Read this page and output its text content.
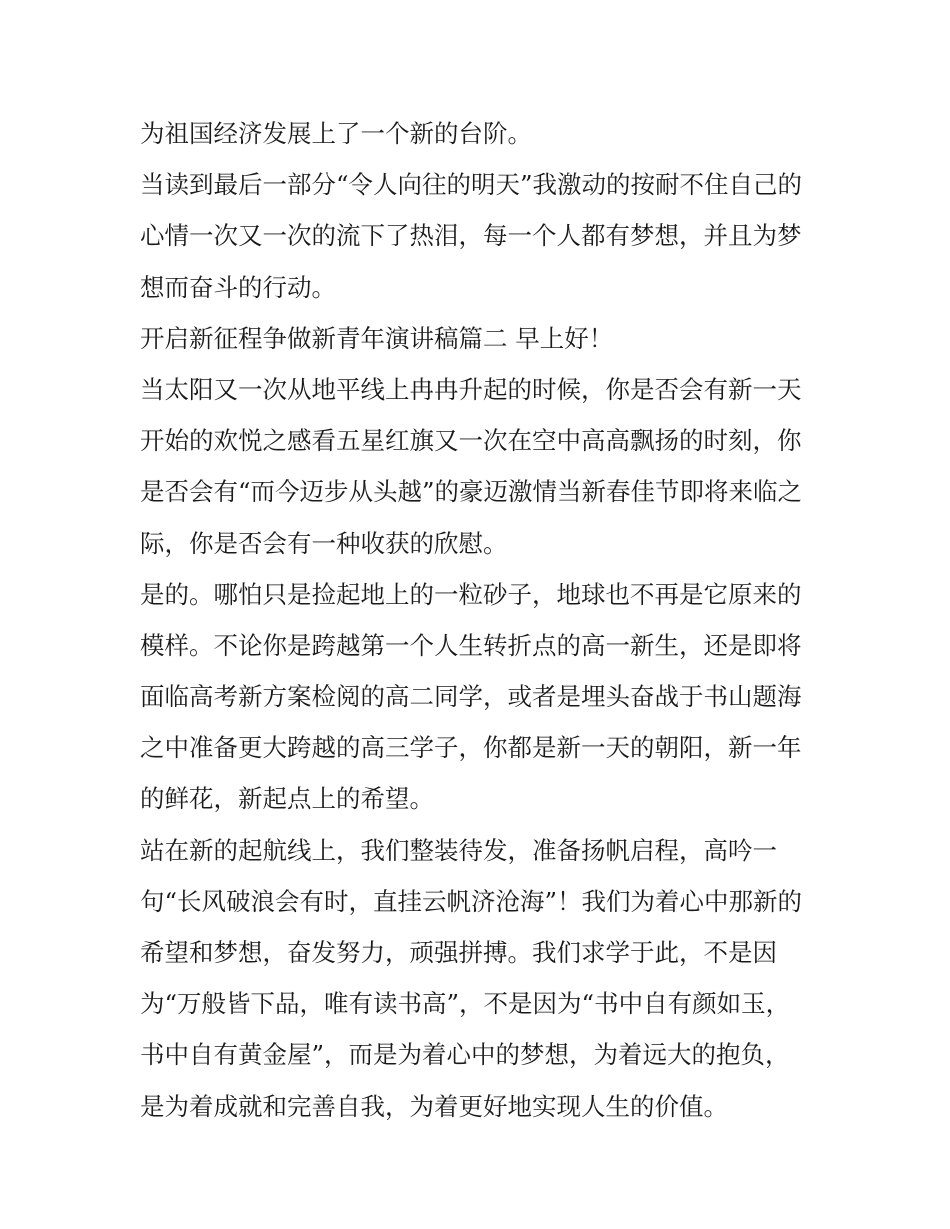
为祖国经济发展上了一个新的台阶。
当读到最后一部分“令人向往的明天”我激动的按耐不住自己的
心情一次又一次的流下了热泪，每一个人都有梦想，并且为梦
想而奋斗的行动。
开启新征程争做新青年演讲稿篇二 早上好！
当太阳又一次从地平线上冉冉升起的时候，你是否会有新一天
开始的欢悦之感看五星红旗又一次在空中高高飘扬的时刻，你
是否会有“而今迈步从头越”的豪迈激情当新春佳节即将来临之
际，你是否会有一种收获的欣慰。
是的。哪怕只是捡起地上的一粒砂子，地球也不再是它原来的
模样。不论你是跨越第一个人生转折点的高一新生，还是即将
面临高考新方案检阅的高二同学，或者是埋头奋战于书山题海
之中准备更大跨越的高三学子，你都是新一天的朝阳，新一年
的鲜花，新起点上的希望。
站在新的起航线上，我们整装待发，准备扬帆启程，高吟一
句“长风破浪会有时，直挂云帆济沧海”！我们为着心中那新的
希望和梦想，奋发努力，顽强拼搏。我们求学于此，不是因
为“万般皆下品，唯有读书高”，不是因为“书中自有颜如玉，
书中自有黄金屋”，而是为着心中的梦想，为着远大的抱负，
是为着成就和完善自我，为着更好地实现人生的价值。
